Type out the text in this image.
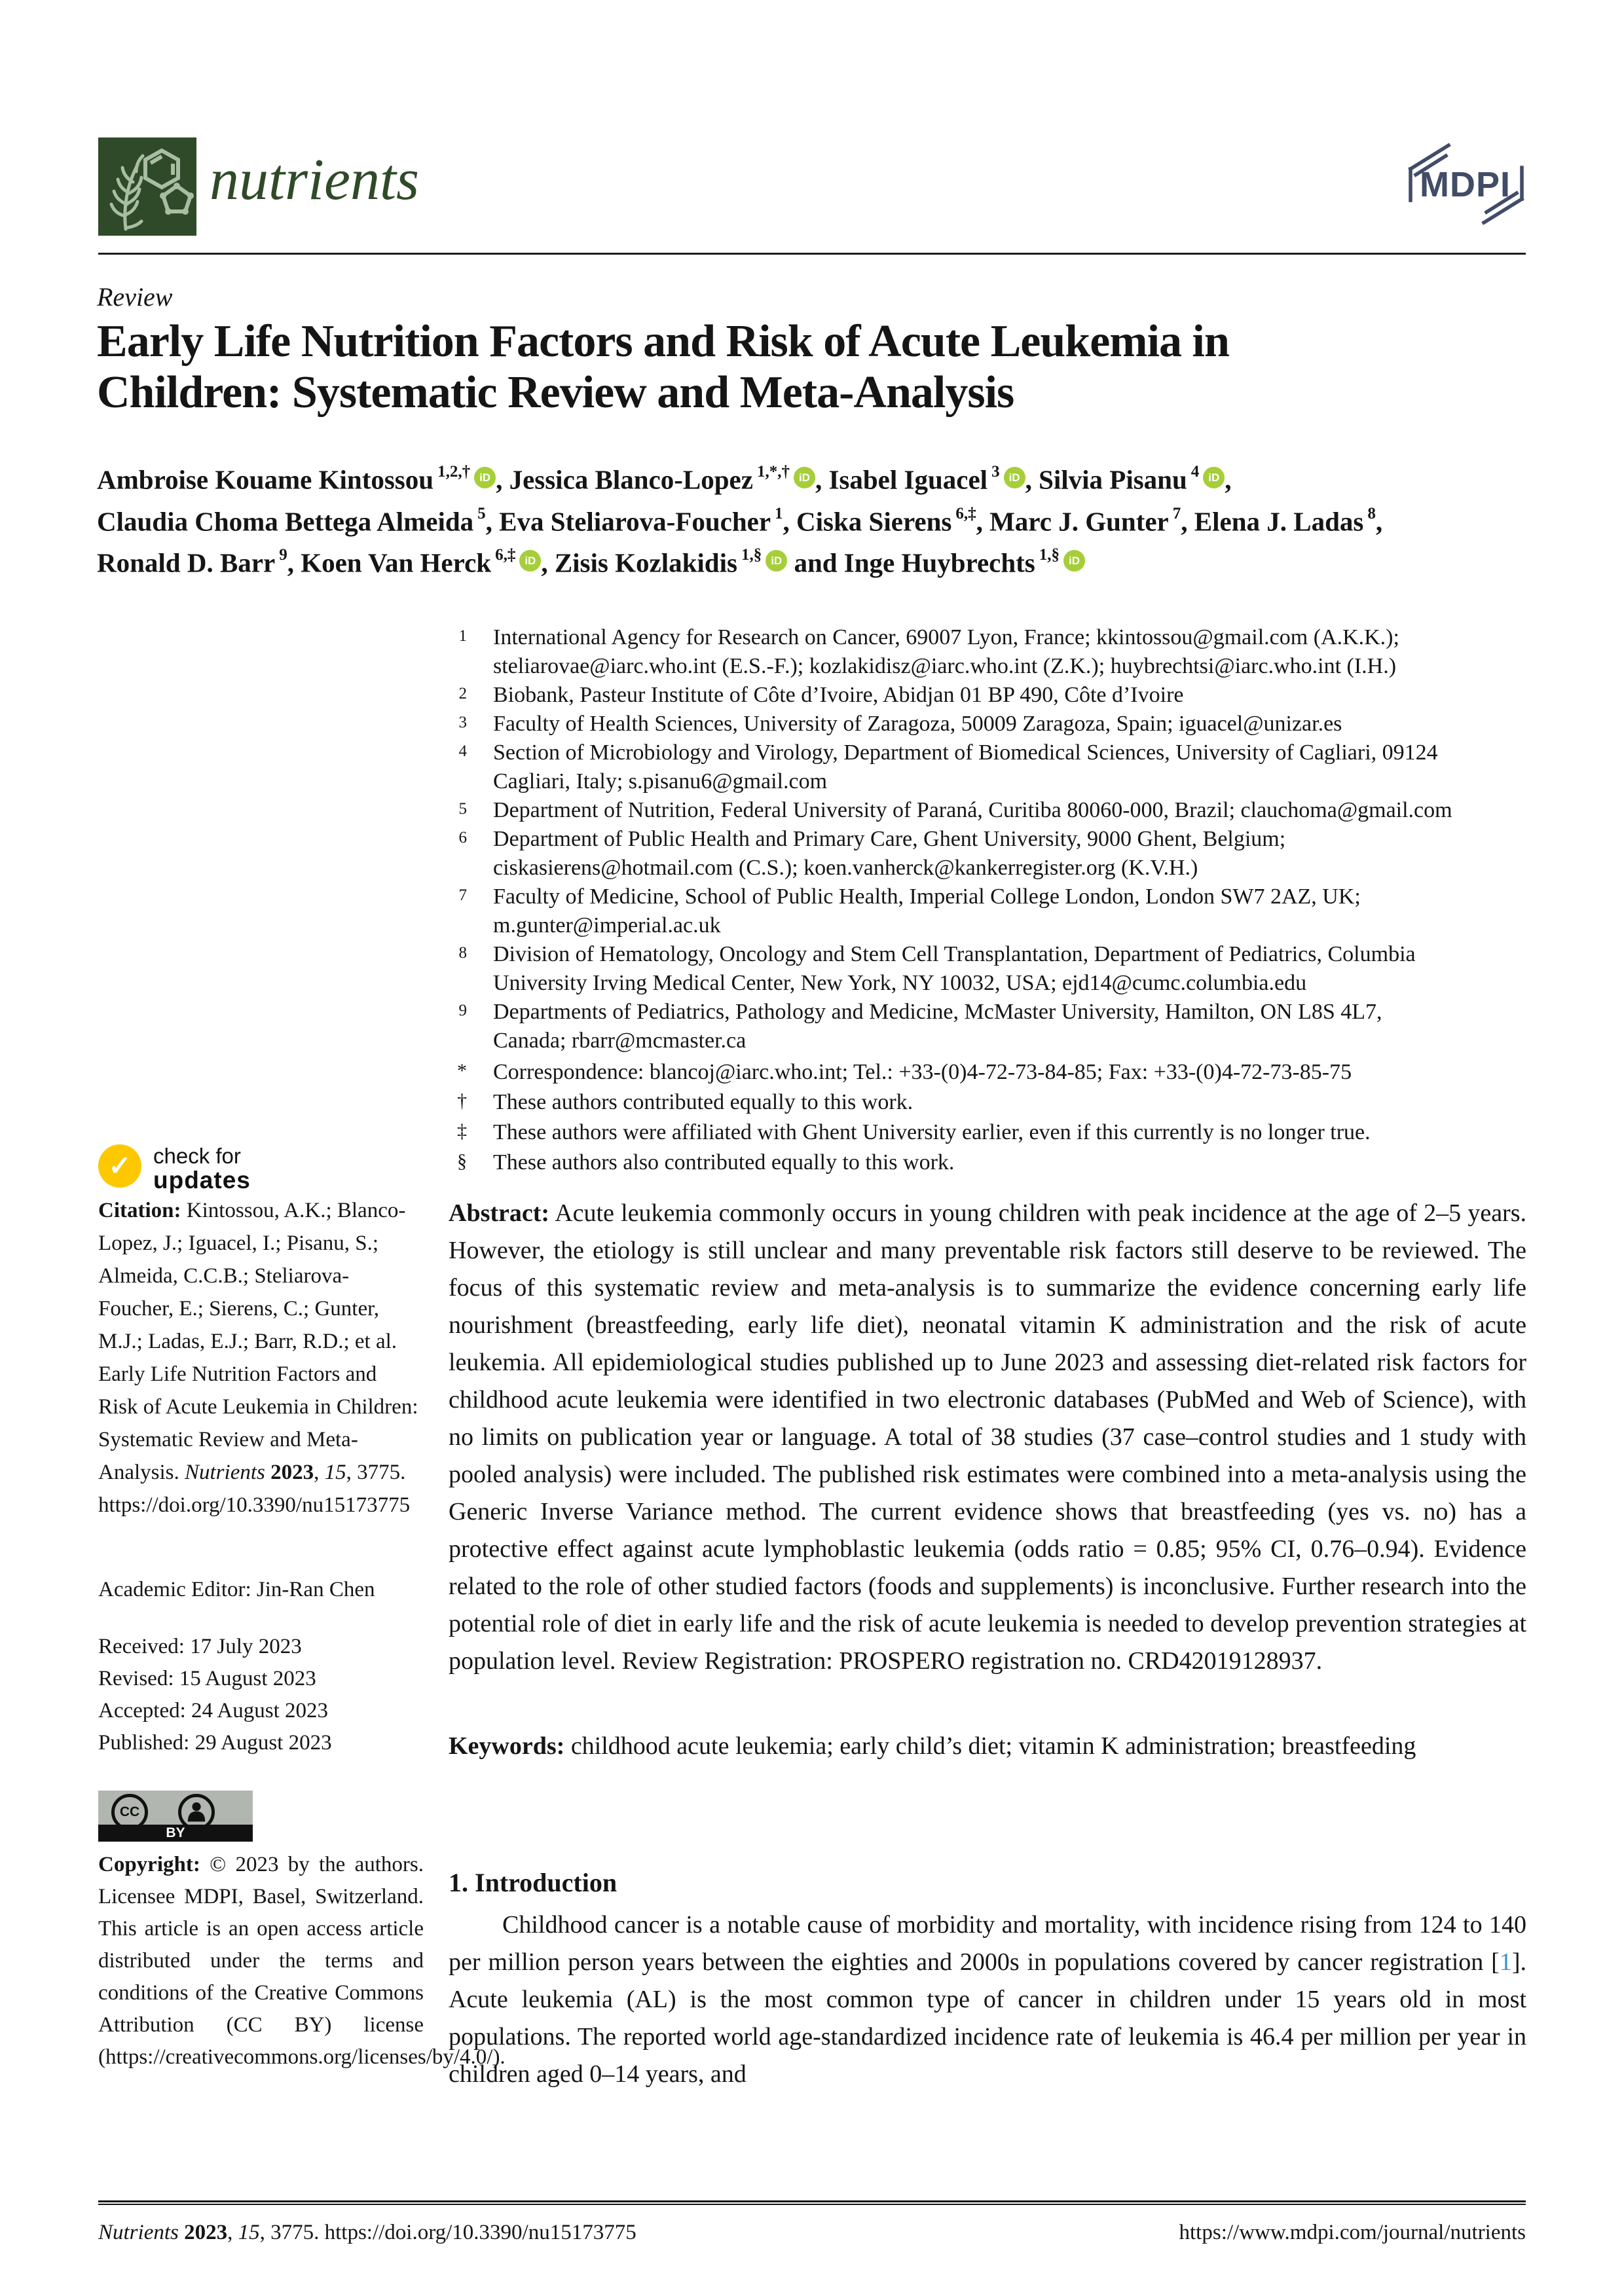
nutrients	MDPI
Review
Early Life Nutrition Factors and Risk of Acute Leukemia in
Children: Systematic Review and Meta-Analysis
Ambroise Kouame Kintossou $^{1,2,\dagger}$ iD , Jessica Blanco-Lopez $^{1,*,\dagger}$ iD , Isabel Iguacel $^3$ iD , Silvia Pisanu $^4$ iD ,
Claudia Choma Bettega Almeida $^5$, Eva Steliarova-Foucher $^1$, Ciska Sierens $^{6,\ddagger}$, Marc J. Gunter $^7$, Elena J. Ladas $^8$,
Ronald D. Barr $^9$, Koen Van Herck $^{6,\ddagger}$ iD , Zisis Kozlakidis $^{1,\S}$ iD and Inge Huybrechts $^{1,\S}$ iD
1 International Agency for Research on Cancer, 69007 Lyon, France; kkintossou@gmail.com (A.K.K.); steliarovae@iarc.who.int (E.S.-F.); kozlakidisz@iarc.who.int (Z.K.); huybrechtsi@iarc.who.int (I.H.)
2 Biobank, Pasteur Institute of Côte d’Ivoire, Abidjan 01 BP 490, Côte d’Ivoire
3 Faculty of Health Sciences, University of Zaragoza, 50009 Zaragoza, Spain; iguacel@unizar.es
4 Section of Microbiology and Virology, Department of Biomedical Sciences, University of Cagliari, 09124 Cagliari, Italy; s.pisanu6@gmail.com
5 Department of Nutrition, Federal University of Paraná, Curitiba 80060-000, Brazil; clauchoma@gmail.com
6 Department of Public Health and Primary Care, Ghent University, 9000 Ghent, Belgium; ciskasierens@hotmail.com (C.S.); koen.vanherck@kankerregister.org (K.V.H.)
7 Faculty of Medicine, School of Public Health, Imperial College London, London SW7 2AZ, UK; m.gunter@imperial.ac.uk
8 Division of Hematology, Oncology and Stem Cell Transplantation, Department of Pediatrics, Columbia University Irving Medical Center, New York, NY 10032, USA; ejd14@cumc.columbia.edu
9 Departments of Pediatrics, Pathology and Medicine, McMaster University, Hamilton, ON L8S 4L7, Canada; rbarr@mcmaster.ca
* Correspondence: blancoj@iarc.who.int; Tel.: +33-(0)4-72-73-84-85; Fax: +33-(0)4-72-73-85-75
† These authors contributed equally to this work.
‡ These authors were affiliated with Ghent University earlier, even if this currently is no longer true.
§ These authors also contributed equally to this work.
✓	check for
updates
Citation: Kintossou, A.K.; Blanco-Lopez, J.; Iguacel, I.; Pisanu, S.; Almeida, C.C.B.; Steliarova-Foucher, E.; Sierens, C.; Gunter, M.J.; Ladas, E.J.; Barr, R.D.; et al. Early Life Nutrition Factors and Risk of Acute Leukemia in Children: Systematic Review and Meta-Analysis. Nutrients 2023, 15, 3775. https://doi.org/10.3390/nu15173775
Academic Editor: Jin-Ran Chen
Received: 17 July 2023
Revised: 15 August 2023
Accepted: 24 August 2023
Published: 29 August 2023
CC
BY
Copyright: © 2023 by the authors. Licensee MDPI, Basel, Switzerland. This article is an open access article distributed under the terms and conditions of the Creative Commons Attribution (CC BY) license (https://creativecommons.org/licenses/by/4.0/).
Abstract: Acute leukemia commonly occurs in young children with peak incidence at the age of 2–5 years. However, the etiology is still unclear and many preventable risk factors still deserve to be reviewed. The focus of this systematic review and meta-analysis is to summarize the evidence concerning early life nourishment (breastfeeding, early life diet), neonatal vitamin K administration and the risk of acute leukemia. All epidemiological studies published up to June 2023 and assessing diet-related risk factors for childhood acute leukemia were identified in two electronic databases (PubMed and Web of Science), with no limits on publication year or language. A total of 38 studies (37 case–control studies and 1 study with pooled analysis) were included. The published risk estimates were combined into a meta-analysis using the Generic Inverse Variance method. The current evidence shows that breastfeeding (yes vs. no) has a protective effect against acute lymphoblastic leukemia (odds ratio = 0.85; 95% CI, 0.76–0.94). Evidence related to the role of other studied factors (foods and supplements) is inconclusive. Further research into the potential role of diet in early life and the risk of acute leukemia is needed to develop prevention strategies at population level. Review Registration: PROSPERO registration no. CRD42019128937.
Keywords: childhood acute leukemia; early child’s diet; vitamin K administration; breastfeeding
1. Introduction
Childhood cancer is a notable cause of morbidity and mortality, with incidence rising from 124 to 140 per million person years between the eighties and 2000s in populations covered by cancer registration [1]. Acute leukemia (AL) is the most common type of cancer in children under 15 years old in most populations. The reported world age-standardized incidence rate of leukemia is 46.4 per million per year in children aged 0–14 years, and
Nutrients 2023, 15, 3775. https://doi.org/10.3390/nu15173775	https://www.mdpi.com/journal/nutrients
